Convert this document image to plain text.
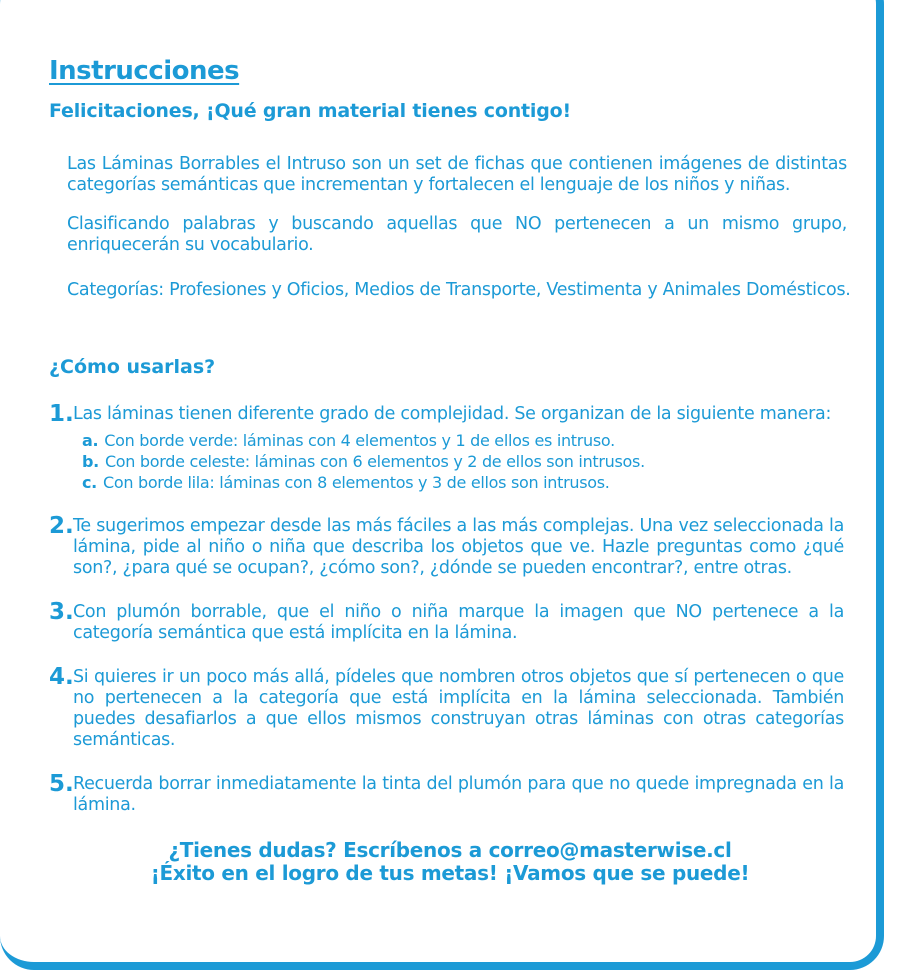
Instrucciones

Felicitaciones, ¡Qué gran material tienes contigo!

Las Láminas Borrables el Intruso son un set de fichas que contienen imágenes de distintas categorías semánticas que incrementan y fortalecen el lenguaje de los niños y niñas.

Clasificando palabras y buscando aquellas que NO pertenecen a un mismo grupo, enriquecerán su vocabulario.

Categorías: Profesiones y Oficios, Medios de Transporte, Vestimenta y Animales Domésticos.

¿Cómo usarlas?
1. Las láminas tienen diferente grado de complejidad. Se organizan de la siguiente manera:
a. Con borde verde: láminas con 4 elementos y 1 de ellos es intruso.
b. Con borde celeste: láminas con 6 elementos y 2 de ellos son intrusos.
c. Con borde lila: láminas con 8 elementos y 3 de ellos son intrusos.
2. Te sugerimos empezar desde las más fáciles a las más complejas. Una vez seleccionada la lámina, pide al niño o niña que describa los objetos que ve. Hazle preguntas como ¿qué son?, ¿para qué se ocupan?, ¿cómo son?, ¿dónde se pueden encontrar?, entre otras.
3. Con plumón borrable, que el niño o niña marque la imagen que NO pertenece a la categoría semántica que está implícita en la lámina.
4. Si quieres ir un poco más allá, pídeles que nombren otros objetos que sí pertenecen o que no pertenecen a la categoría que está implícita en la lámina seleccionada. También puedes desafiarlos a que ellos mismos construyan otras láminas con otras categorías semánticas.
5. Recuerda borrar inmediatamente la tinta del plumón para que no quede impregnada en la lámina.

¿Tienes dudas? Escríbenos a correo@masterwise.cl

¡Éxito en el logro de tus metas! ¡Vamos que se puede!
